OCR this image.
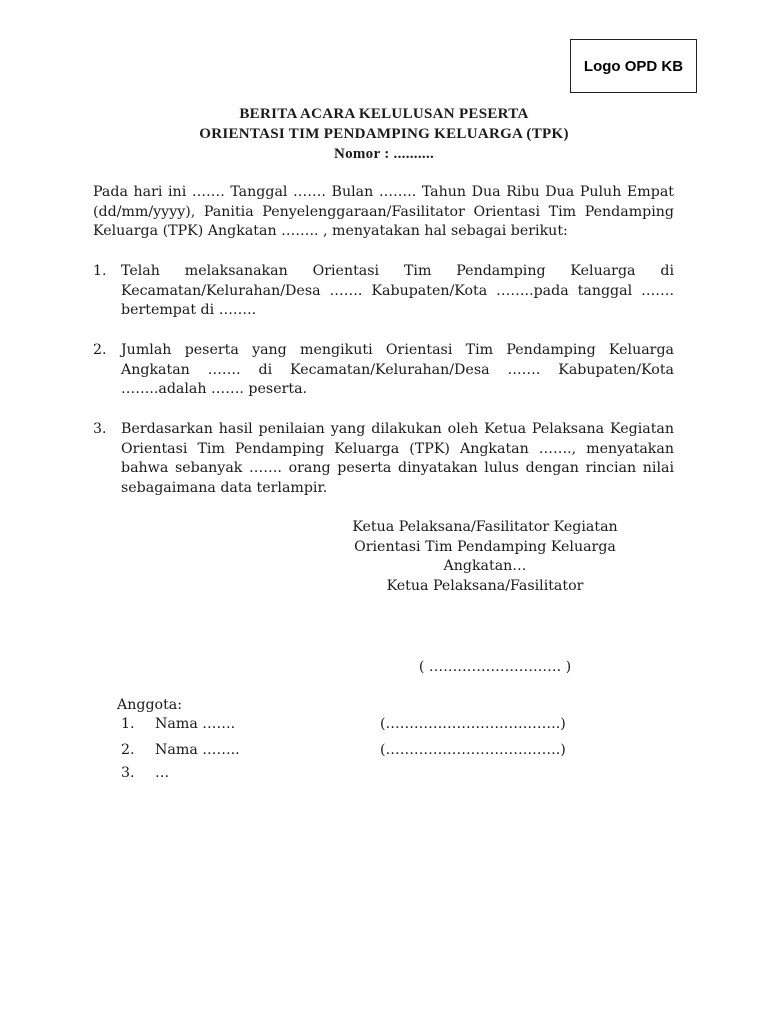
Logo OPD KB
BERITA ACARA KELULUSAN PESERTA
ORIENTASI TIM PENDAMPING KELUARGA (TPK)
Nomor : ..........

Pada hari ini ……. Tanggal ……. Bulan …….. Tahun Dua Ribu Dua Puluh Empat (dd/mm/yyyy), Panitia Penyelenggaraan/Fasilitator Orientasi Tim Pendamping Keluarga (TPK) Angkatan …….. , menyatakan hal sebagai berikut:

1. Telah melaksanakan Orientasi Tim Pendamping Keluarga di Kecamatan/Kelurahan/Desa ……. Kabupaten/Kota ……..pada tanggal ……. bertempat di ……..
2. Jumlah peserta yang mengikuti Orientasi Tim Pendamping Keluarga Angkatan ……. di Kecamatan/Kelurahan/Desa ……. Kabupaten/Kota ……..adalah ……. peserta.
3. Berdasarkan hasil penilaian yang dilakukan oleh Ketua Pelaksana Kegiatan Orientasi Tim Pendamping Keluarga (TPK) Angkatan ……., menyatakan bahwa sebanyak ……. orang peserta dinyatakan lulus dengan rincian nilai sebagaimana data terlampir.
Ketua Pelaksana/Fasilitator Kegiatan
Orientasi Tim Pendamping Keluarga
Angkatan…
Ketua Pelaksana/Fasilitator
( ………………………. )
Anggota:
1. Nama …….	(……………………………….)
2. Nama ……..	(……………………………….)
3. …
